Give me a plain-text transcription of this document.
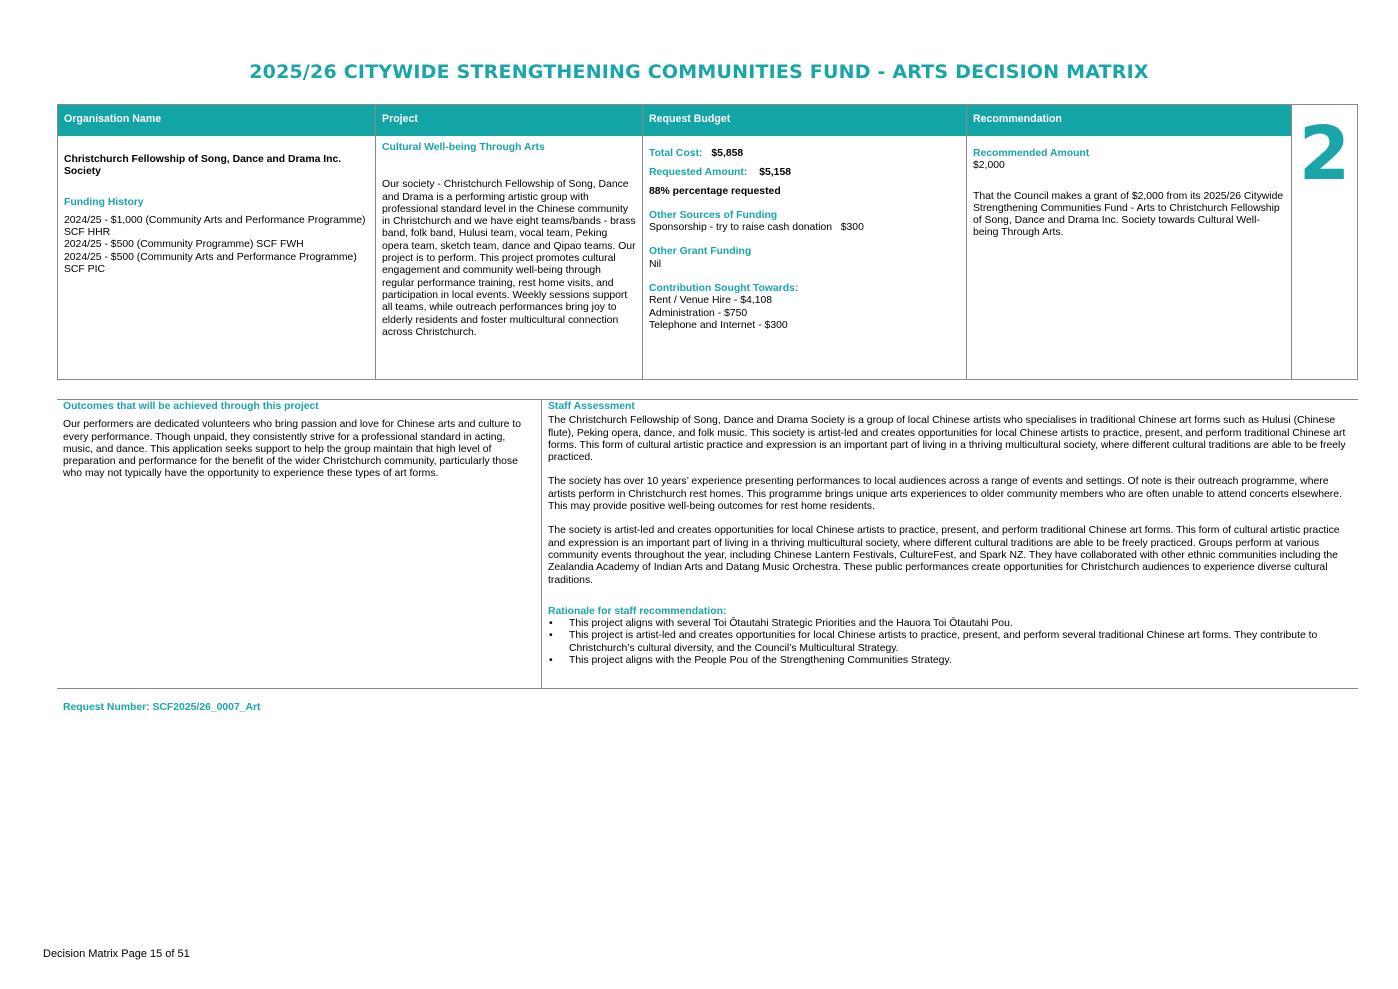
2025/26 CITYWIDE STRENGTHENING COMMUNITIES FUND - ARTS DECISION MATRIX
Organisation Name
Christchurch Fellowship of Song, Dance and Drama Inc. Society
Funding History
2024/25 - $1,000 (Community Arts and Performance Programme) SCF HHR
2024/25 - $500 (Community Programme) SCF FWH
2024/25 - $500 (Community Arts and Performance Programme) SCF PIC
Project
Cultural Well-being Through Arts
Our society - Christchurch Fellowship of Song, Dance and Drama is a performing artistic group with professional standard level in the Chinese community in Christchurch and we have eight teams/bands - brass band, folk band, Hulusi team, vocal team, Peking opera team, sketch team, dance and Qipao teams. Our project is to perform. This project promotes cultural engagement and community well-being through regular performance training, rest home visits, and participation in local events. Weekly sessions support all teams, while outreach performances bring joy to elderly residents and foster multicultural connection across Christchurch.
Request Budget
Total Cost: $5,858
Requested Amount: $5,158
88% percentage requested
Other Sources of Funding
Sponsorship - try to raise cash donation   $300
Other Grant Funding
Nil
Contribution Sought Towards:
Rent / Venue Hire - $4,108
Administration - $750
Telephone and Internet - $300
Recommendation
Recommended Amount
$2,000
That the Council makes a grant of $2,000 from its 2025/26 Citywide Strengthening Communities Fund - Arts to Christchurch Fellowship of Song, Dance and Drama Inc. Society towards Cultural Well-being Through Arts.
2
Outcomes that will be achieved through this project
Our performers are dedicated volunteers who bring passion and love for Chinese arts and culture to every performance. Though unpaid, they consistently strive for a professional standard in acting, music, and dance. This application seeks support to help the group maintain that high level of preparation and performance for the benefit of the wider Christchurch community, particularly those who may not typically have the opportunity to experience these types of art forms.
Staff Assessment

The Christchurch Fellowship of Song, Dance and Drama Society is a group of local Chinese artists who specialises in traditional Chinese art forms such as Hulusi (Chinese flute), Peking opera, dance, and folk music. This society is artist-led and creates opportunities for local Chinese artists to practice, present, and perform traditional Chinese art forms. This form of cultural artistic practice and expression is an important part of living in a thriving multicultural society, where different cultural traditions are able to be freely practiced.

The society has over 10 years’ experience presenting performances to local audiences across a range of events and settings. Of note is their outreach programme, where artists perform in Christchurch rest homes. This programme brings unique arts experiences to older community members who are often unable to attend concerts elsewhere. This may provide positive well-being outcomes for rest home residents.

The society is artist-led and creates opportunities for local Chinese artists to practice, present, and perform traditional Chinese art forms. This form of cultural artistic practice and expression is an important part of living in a thriving multicultural society, where different cultural traditions are able to be freely practiced. Groups perform at various community events throughout the year, including Chinese Lantern Festivals, CultureFest, and Spark NZ. They have collaborated with other ethnic communities including the Zealandia Academy of Indian Arts and Datang Music Orchestra. These public performances create opportunities for Christchurch audiences to experience diverse cultural traditions.

Rationale for staff recommendation:
• This project aligns with several Toi Ōtautahi Strategic Priorities and the Hauora Toi Ōtautahi Pou.
• This project is artist-led and creates opportunities for local Chinese artists to practice, present, and perform several traditional Chinese art forms. They contribute to Christchurch’s cultural diversity, and the Council’s Multicultural Strategy.
• This project aligns with the People Pou of the Strengthening Communities Strategy.
Request Number: SCF2025/26_0007_Art
Decision Matrix Page 15 of 51
